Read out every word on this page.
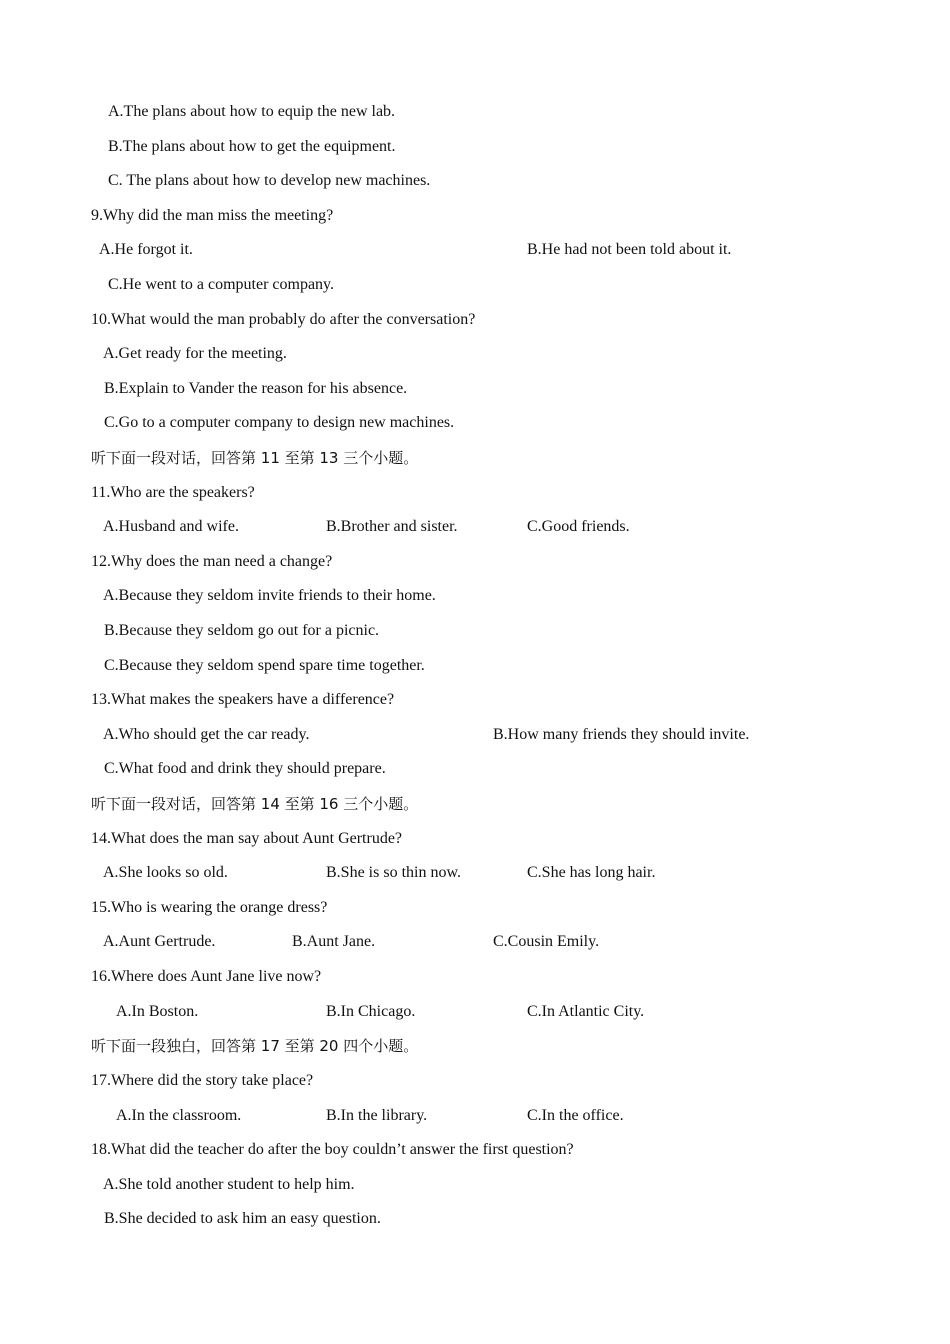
A.The plans about how to equip the new lab.
B.The plans about how to get the equipment.
C. The plans about how to develop new machines.
9.Why did the man miss the meeting?
A.He forgot it.	B.He had not been told about it.
C.He went to a computer company.
10.What would the man probably do after the conversation?
A.Get ready for the meeting.
B.Explain to Vander the reason for his absence.
C.Go to a computer company to design new machines.
听下面一段对话，回答第 11 至第 13 三个小题。
11.Who are the speakers?
A.Husband and wife.	B.Brother and sister.	C.Good friends.
12.Why does the man need a change?
A.Because they seldom invite friends to their home.
B.Because they seldom go out for a picnic.
C.Because they seldom spend spare time together.
13.What makes the speakers have a difference?
A.Who should get the car ready.	B.How many friends they should invite.
C.What food and drink they should prepare.
听下面一段对话，回答第 14 至第 16 三个小题。
14.What does the man say about Aunt Gertrude?
A.She looks so old.	B.She is so thin now.	C.She has long hair.
15.Who is wearing the orange dress?
A.Aunt Gertrude.	B.Aunt Jane.	C.Cousin Emily.
16.Where does Aunt Jane live now?
A.In Boston.	B.In Chicago.	C.In Atlantic City.
听下面一段独白，回答第 17 至第 20 四个小题。
17.Where did the story take place?
A.In the classroom.	B.In the library.	C.In the office.
18.What did the teacher do after the boy couldn’t answer the first question?
A.She told another student to help him.
B.She decided to ask him an easy question.
